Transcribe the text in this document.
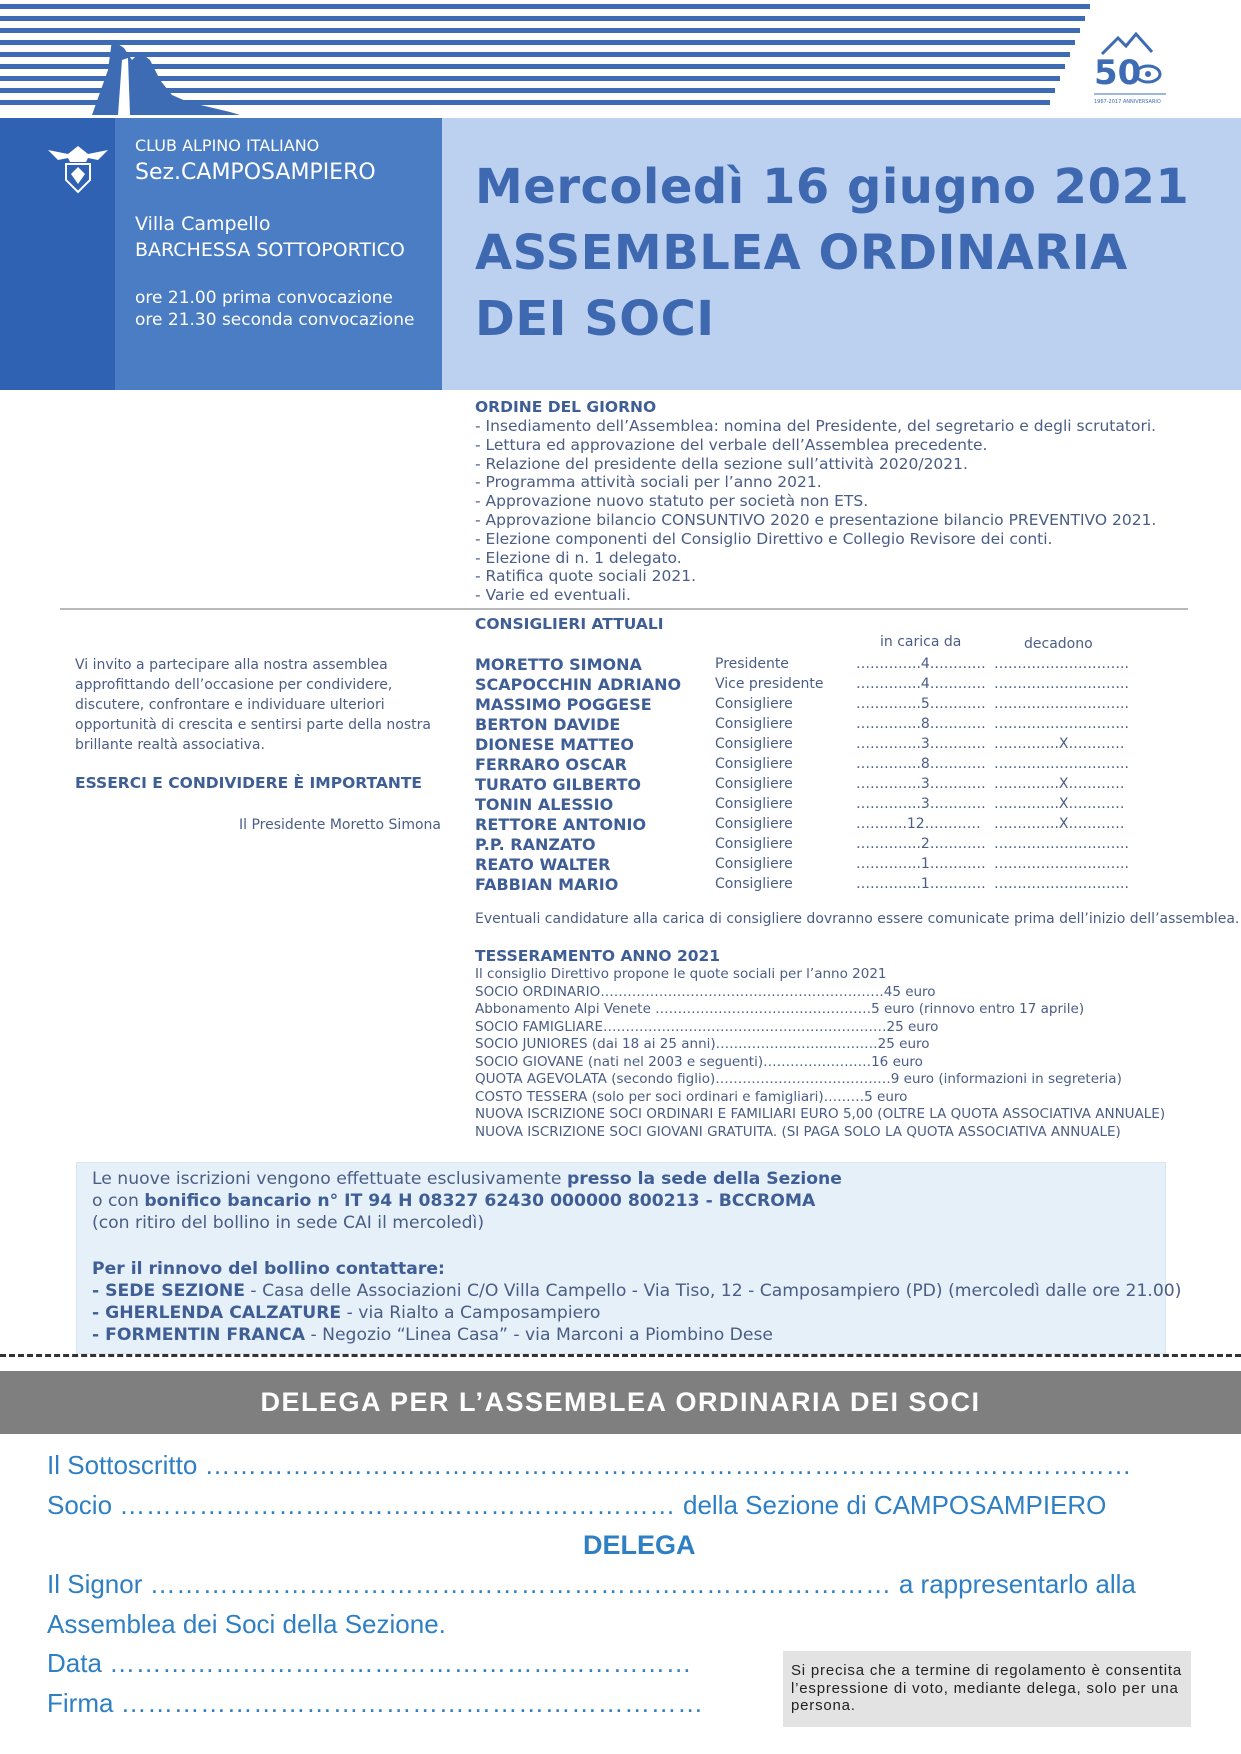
50
1967-2017 ANNIVERSARIO
CLUB ALPINO ITALIANO
Sez.CAMPOSAMPIERO
Villa Campello
BARCHESSA SOTTOPORTICO
ore 21.00 prima convocazione
ore 21.30 seconda convocazione
Mercoledì 16 giugno 2021
ASSEMBLEA ORDINARIA
DEI SOCI
ORDINE DEL GIORNO
- Insediamento dell’Assemblea: nomina del Presidente, del segretario e degli scrutatori.
- Lettura ed approvazione del verbale dell’Assemblea precedente.
- Relazione del presidente della sezione sull’attività 2020/2021.
- Programma attività sociali per l’anno 2021.
- Approvazione nuovo statuto per società non ETS.
- Approvazione bilancio CONSUNTIVO 2020 e presentazione bilancio PREVENTIVO 2021.
- Elezione componenti del Consiglio Direttivo e Collegio Revisore dei conti.
- Elezione di n. 1 delegato.
- Ratifica quote sociali 2021.
- Varie ed eventuali.
Vi invito a partecipare alla nostra assemblea approfittando dell’occasione per condividere, discutere, confrontare e individuare ulteriori opportunità di crescita e sentirsi parte della nostra brillante realtà associativa.
ESSERCI E CONDIVIDERE È IMPORTANTE
Il Presidente Moretto Simona
CONSIGLIERI ATTUALI
in carica da	decadono
MORETTO SIMONA	Presidente	…………..4…………	………………………..
SCAPOCCHIN ADRIANO	Vice presidente	…………..4…………	………………………..
MASSIMO POGGESE	Consigliere	…………..5…………	………………………..
BERTON DAVIDE	Consigliere	…………..8…………	………………………..
DIONESE MATTEO	Consigliere	…………..3…………	…………..X…………
FERRARO OSCAR	Consigliere	…………..8…………	………………………..
TURATO GILBERTO	Consigliere	…………..3…………	…………..X…………
TONIN ALESSIO	Consigliere	…………..3…………	…………..X…………
RETTORE ANTONIO	Consigliere	………..12…………	…………..X…………
P.P. RANZATO	Consigliere	…………..2…………	………………………..
REATO WALTER	Consigliere	…………..1…………	………………………..
FABBIAN MARIO	Consigliere	…………..1…………	………………………..
Eventuali candidature alla carica di consigliere dovranno essere comunicate prima dell’inizio dell’assemblea.
TESSERAMENTO ANNO 2021
Il consiglio Direttivo propone le quote sociali per l’anno 2021
SOCIO ORDINARIO………………………………………………………45 euro
Abbonamento Alpi Venete …………………………………………5 euro (rinnovo entro 17 aprile)
SOCIO FAMIGLIARE………………………………………………………25 euro
SOCIO JUNIORES (dai 18 ai 25 anni)………………………………25 euro
SOCIO GIOVANE (nati nel 2003 e seguenti)……………………16 euro
QUOTA AGEVOLATA (secondo figlio)…………………………………9 euro (informazioni in segreteria)
COSTO TESSERA (solo per soci ordinari e famigliari)………5 euro
NUOVA ISCRIZIONE SOCI ORDINARI E FAMILIARI EURO 5,00 (OLTRE LA QUOTA ASSOCIATIVA ANNUALE)
NUOVA ISCRIZIONE SOCI GIOVANI GRATUITA. (SI PAGA SOLO LA QUOTA ASSOCIATIVA ANNUALE)
Le nuove iscrizioni vengono effettuate esclusivamente presso la sede della Sezione
o con bonifico bancario n° IT 94 H 08327 62430 000000 800213 - BCCROMA
(con ritiro del bollino in sede CAI il mercoledì)
Per il rinnovo del bollino contattare:
- SEDE SEZIONE - Casa delle Associazioni C/O Villa Campello - Via Tiso, 12 - Camposampiero (PD) (mercoledì dalle ore 21.00)
- GHERLENDA CALZATURE - via Rialto a Camposampiero
- FORMENTIN FRANCA - Negozio “Linea Casa” - via Marconi a Piombino Dese
DELEGA PER L’ASSEMBLEA ORDINARIA DEI SOCI
Il Sottoscritto ……………………………………………………………………………………………
Socio ……………………………………………………… della Sezione di CAMPOSAMPIERO
DELEGA
Il Signor ………………………………………………………………………… a rappresentarlo alla
Assemblea dei Soci della Sezione.
Data …………………………………………………………
Firma …………………………………………………………
Si precisa che a termine di regolamento è consentita l’espressione di voto, mediante delega, solo per una persona.
